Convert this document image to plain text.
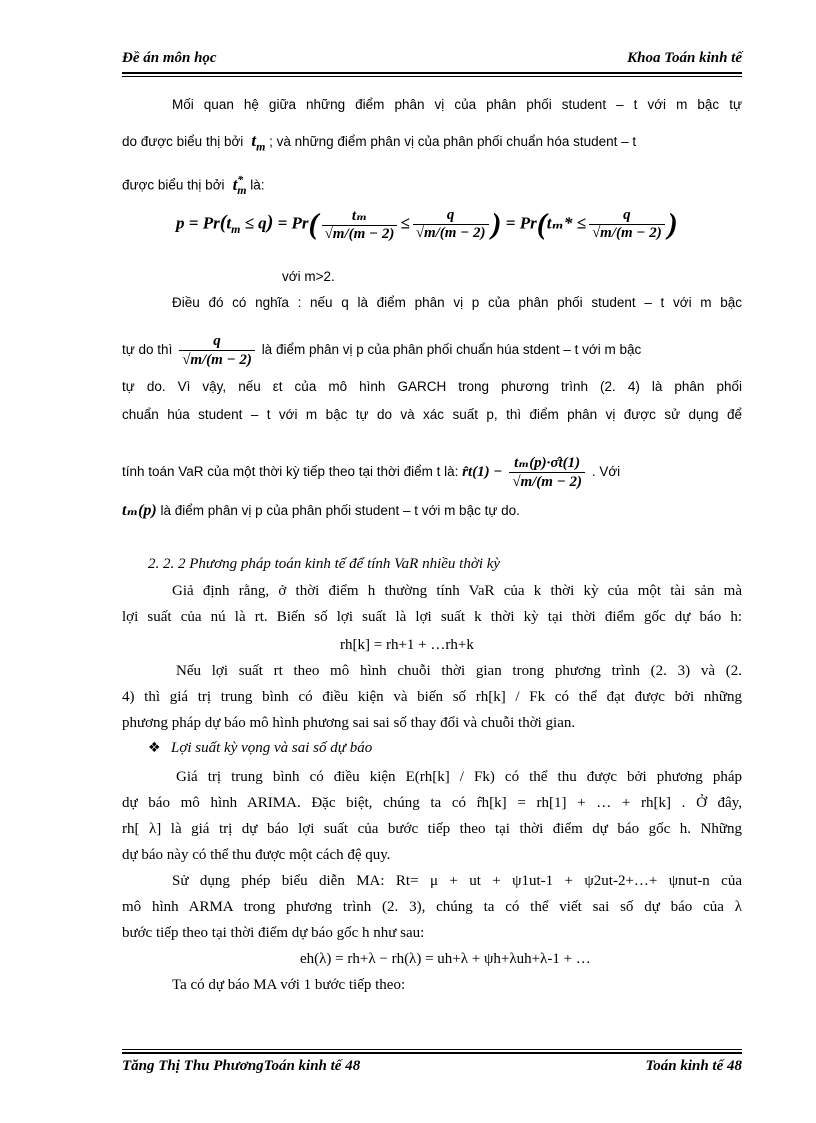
Đề án môn học	Khoa Toán kinh tế
Mối quan hệ giữa những điểm phân vị của phân phối student – t với m bậc tự
do được biểu thị bởi  $t_m$ ; và những điểm phân vị của phân phối chuẩn hóa student – t
được biểu thị bởi  $t^*_m$ là:
$p = Pr(t_m \le q) = Pr( \frac{\text{tₘ}}{√m/(m - 2)} \le \frac{q}{√m/(m - 2)}$ ) = $Pr(t_m* \le \frac{q}{√m/(m - 2)}$ )
với m>2.
Điều đó có nghĩa : nếu q là điểm phân vị p của phân phối student – t với m bậc
tự do thì $\frac{q}{√m/(m - 2)}$ là điểm phân vị p của phân phối chuẩn húa stdent – t với m bậc
tự do. Vì vậy, nếu εt của mô hình GARCH trong phương trình (2. 4) là phân phối
chuẩn húa student – t với m bậc tự do và xác suất p, thì điểm phân vị được sử dụng để
tính toán VaR của một thời kỳ tiếp theo tại thời điểm t là: r̂t(1) − $\frac{\text{tₘ(p)·σ̂t(1)}}{√m/(m - 2)}$ . Với
tₘ(p) là điểm phân vị p của phân phối student – t với m bậc tự do.
2. 2. 2 Phương pháp toán kinh tế để tính VaR nhiều thời kỳ
Giả định rằng, ở thời điểm h thường tính VaR của k thời kỳ của một tài sản mà
lợi suất của nú là rt. Biến số lợi suất là lợi suất k thời kỳ tại thời điểm gốc dự báo h:
rh[k] = rh+1 + …rh+k
Nếu lợi suất rt theo mô hình chuỗi thời gian trong phương trình (2. 3) và (2.
4) thì giá trị trung bình có điều kiện và biến số rh[k] / Fk có thể đạt được bởi những
phương pháp dự báo mô hình phương sai sai số thay đổi và chuỗi thời gian.
❖ Lợi suất kỳ vọng và sai số dự báo
Giá trị trung bình có điều kiện E(rh[k] / Fk) có thể thu được bởi phương pháp
dự báo mô hình ARIMA. Đặc biệt, chúng ta có r̂h[k] = rh[1] + … + rh[k] . Ở đây,
rh[ λ] là giá trị dự báo lợi suất của bước tiếp theo tại thời điểm dự báo gốc h. Những
dự báo này có thể thu được một cách đệ quy.
Sử dụng phép biểu diễn MA: Rt= μ + ut + ψ1ut-1 + ψ2ut-2+…+ ψnut-n của
mô hình ARMA trong phương trình (2. 3), chúng ta có thể viết sai số dự báo của λ
bước tiếp theo tại thời điểm dự báo gốc h như sau:
eh(λ) = rh+λ − rh(λ) = uh+λ + ψh+λuh+λ-1 + …
Ta có dự báo MA với 1 bước tiếp theo:
Tăng Thị Thu PhươngToán kinh tế 48	Toán kinh tế 48
